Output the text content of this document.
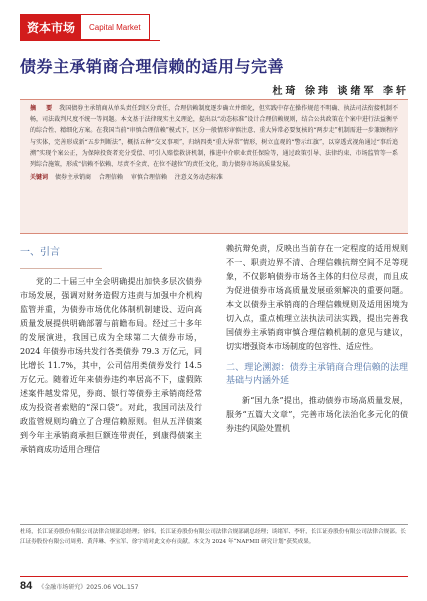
资本市场	Capital Market
债券主承销商合理信赖的适用与完善
杜琦 徐玮 谈绪军 李轩
摘　要 我国债券主承销商从单头责任到区分责任，合理信赖制度逐步确立并细化，但实践中存在操作规范不明确、执法司法衔接机制不畅，司法裁判尺度不统一等问题。本文基于法律现实主义理论，提出以“动态标准”设计合理信赖规则，结合公共政策在个案中进行法益衡平的综合性、精细化方案。在我国当前“审慎合理信赖”模式下，区分一般情形审慎注意、重大异常必要复核的“两步走”机制需进一步兼顾程序与实体，完善形成新“五步判断法”，概括五种“交叉事项”，归纳四类“重大异常”情形，树立直观的“警示红旗”，以穿透式视角通过“事后追溯”实现个案公正，为保障投资者充分受偿、可引入赔偿救济机制，推进中介职业责任保险等，通过政策引导、法律约束、市场监管等一系列综合施策，形成“信赖不依赖、尽责不全责、在位不越位”的责任文化，助力债券市场高质量发展。
关键词 债券主承销商 合理信赖 审慎合理信赖 注意义务动态标准
一、引言

党的二十届三中全会明确提出加快多层次债券市场发展，强调对财务造假方违责与加强中介机构监管并重，为债券市场优化体制机制建设、迈向高质量发展提供明确部署与前瞻布局。经过三十多年的发展演进，我国已成为全球第二大债券市场，2024 年债券市场共发行各类债券 79.3 万亿元，同比增长 11.7%，其中，公司信用类债券发行 14.5 万亿元。随着近年来债券违约率居高不下，虚假陈述案件越发常见，券商、银行等债券主承销商经常成为投资者索赔的“深口袋”。对此，我国司法及行政监管规则均确立了合理信赖原则。但从五洋债案到今年主承销商承担巨额连带责任，到康得债案主承销商成功适用合理信

赖抗辩免责，反映出当前存在一定程度的适用规则不一、职责边界不清、合理信赖抗辩空间不足等现象，不仅影响债券市场各主体的归位尽责，而且成为促进债券市场高质量发展亟须解决的重要问题。本文以债券主承销商的合理信赖规则及适用困境为切入点，重点梳理立法执法司法实践，提出完善我国债券主承销商审慎合理信赖机制的意见与建议，切实增强资本市场制度的包容性、适应性。

二、理论溯源：债券主承销商合理信赖的法理基础与内涵外延

新“国九条”提出，推动债券市场高质量发展，服务“五篇大文章”，完善市场化法治化多元化的债券违约风险处置机

杜琦，长江证券股份有限公司法律合规部总经理；徐玮，长江证券股份有限公司法律合规部副总经理；谈绪军、李轩，长江证券股份有限公司法律合规部。长江证券股份有限公司周勇、黄萍琳、李宝军、徐宇靖对此文亦有贡献。本文为 2024 年“NAFMII 研究计划”获奖成果。
84 《金融市场研究》2025.06 VOL.157
